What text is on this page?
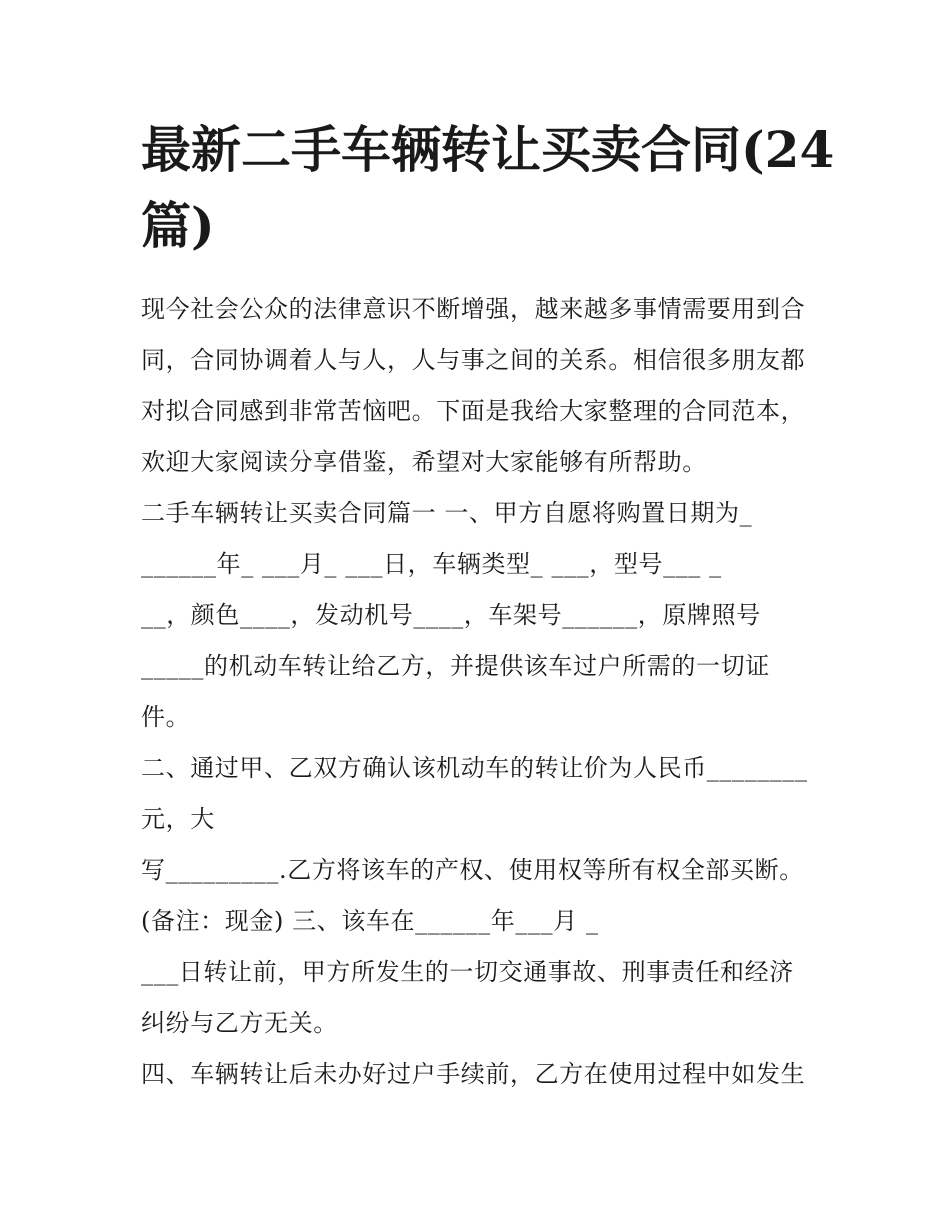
最新二手车辆转让买卖合同(24
篇)
现今社会公众的法律意识不断增强，越来越多事情需要用到合
同，合同协调着人与人，人与事之间的关系。相信很多朋友都
对拟合同感到非常苦恼吧。下面是我给大家整理的合同范本，
欢迎大家阅读分享借鉴，希望对大家能够有所帮助。
二手车辆转让买卖合同篇一 一、甲方自愿将购置日期为_
______年_ ___月_ ___日，车辆类型_ ___，型号___ _
__，颜色____，发动机号____，车架号______，原牌照号
_____的机动车转让给乙方，并提供该车过户所需的一切证
件。
二、通过甲、乙双方确认该机动车的转让价为人民币________
元，大
写_________.乙方将该车的产权、使用权等所有权全部买断。
(备注：现金) 三、该车在______年___月 _
___日转让前，甲方所发生的一切交通事故、刑事责任和经济
纠纷与乙方无关。
四、车辆转让后未办好过户手续前，乙方在使用过程中如发生
